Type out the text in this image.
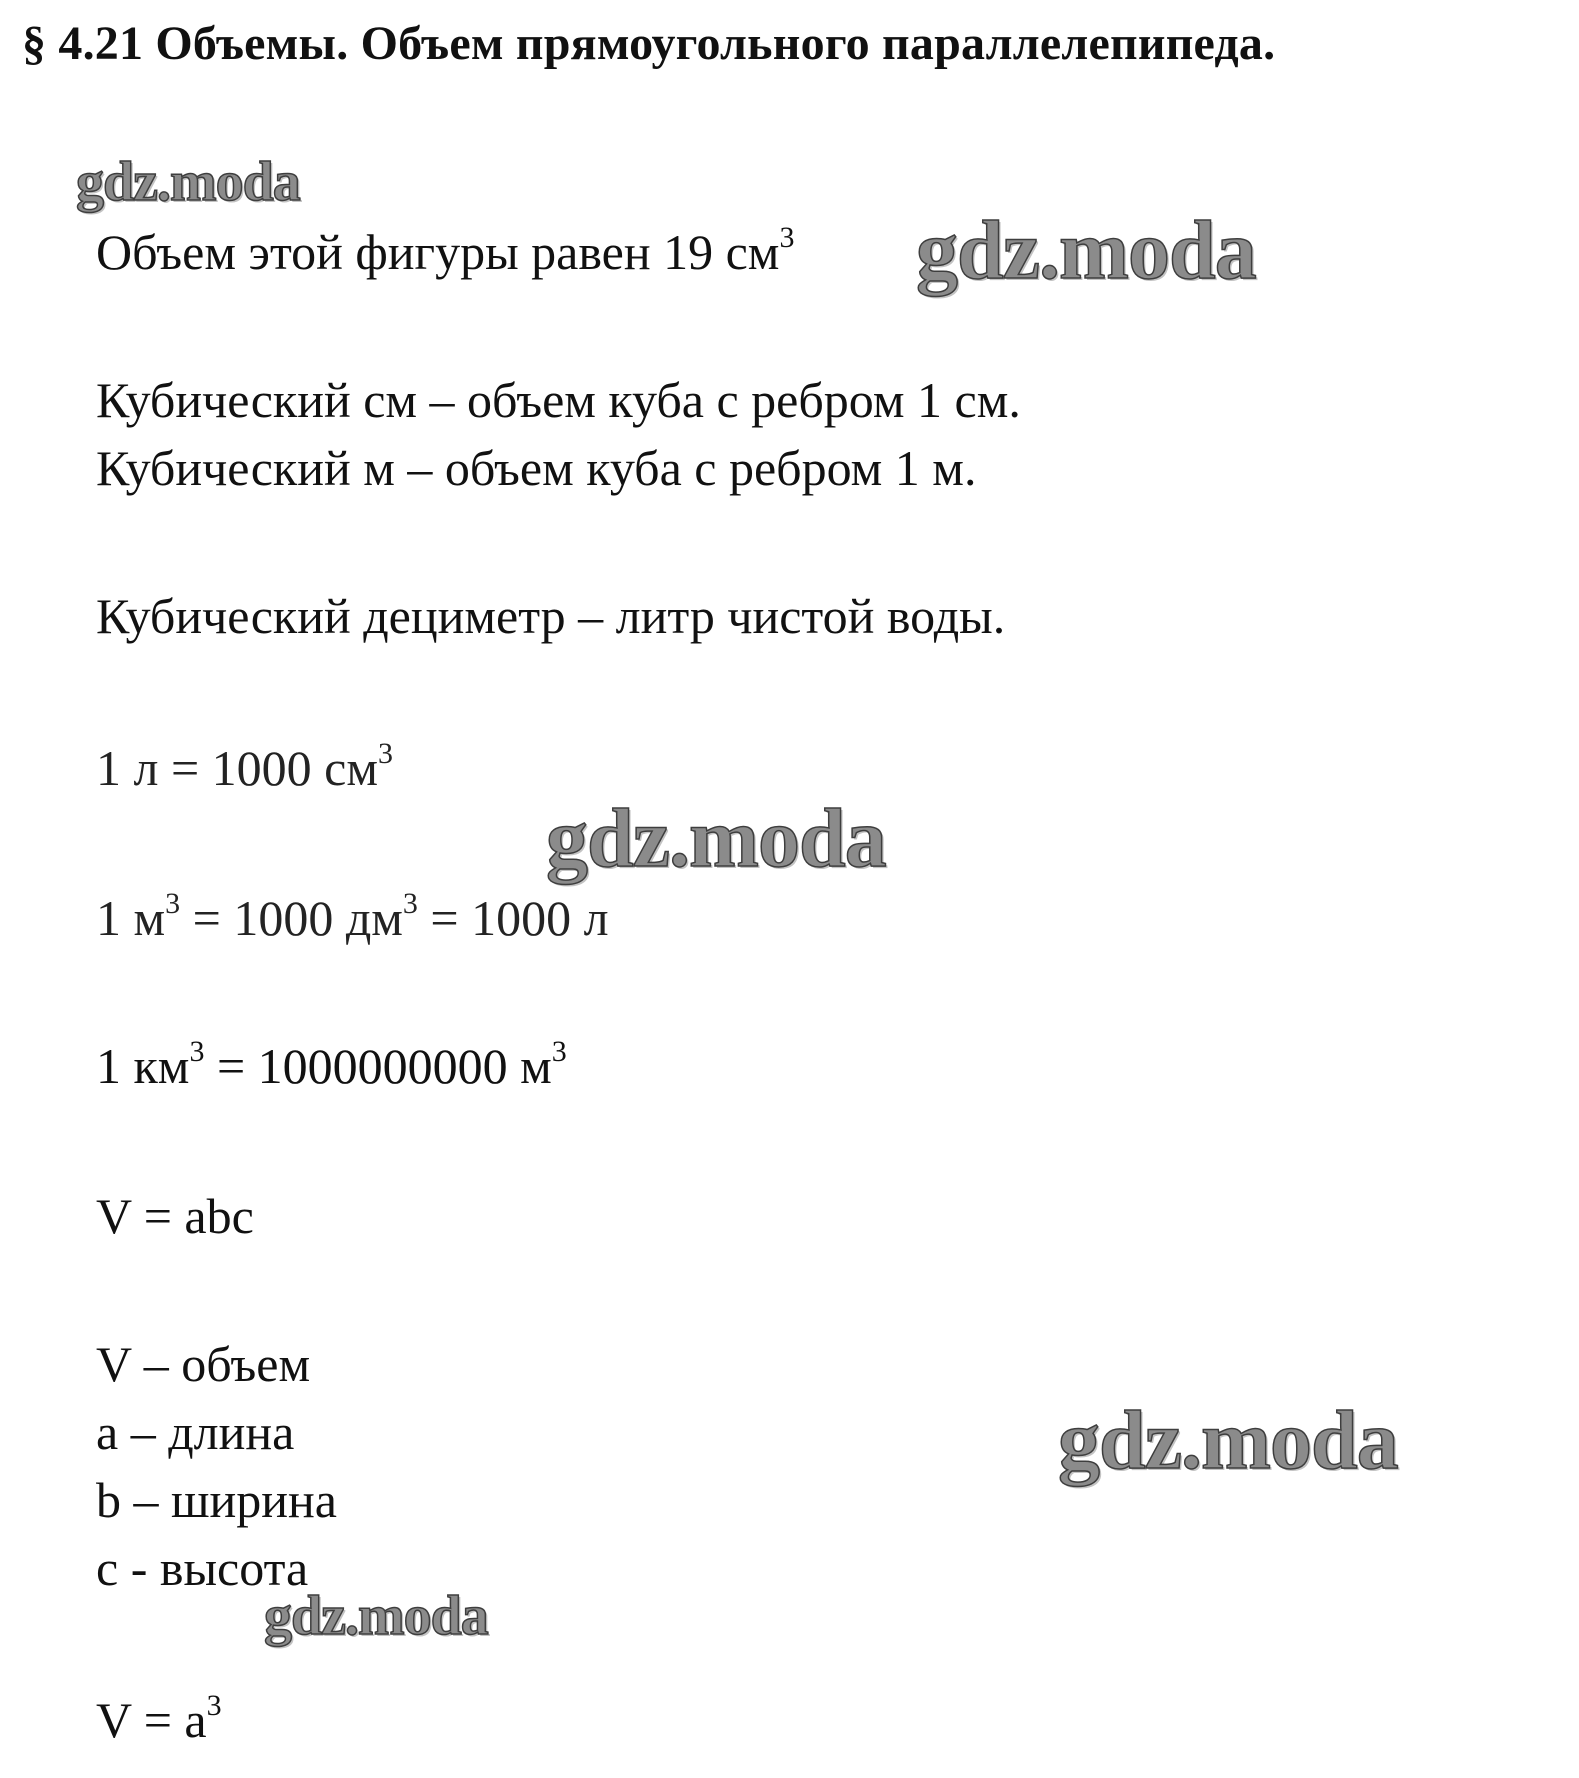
§ 4.21 Объемы. Объем прямоугольного параллелепипеда.

Объем этой фигуры равен 19 $см^3$

Кубический см – объем куба с ребром 1 см.

Кубический м – объем куба с ребром 1 м.

Кубический дециметр – литр чистой воды.

1 л = 1000 $см^3$

1 $м^3 = 1000$ $дм^3 = 1000$ л

1 $км^3 = 1000000000$ $м^3$

V = abc

V – объем

a – длина

b – ширина

c - высота

$V = a^3$

gdz.moda
gdz.moda
gdz.moda
gdz.moda
gdz.moda
